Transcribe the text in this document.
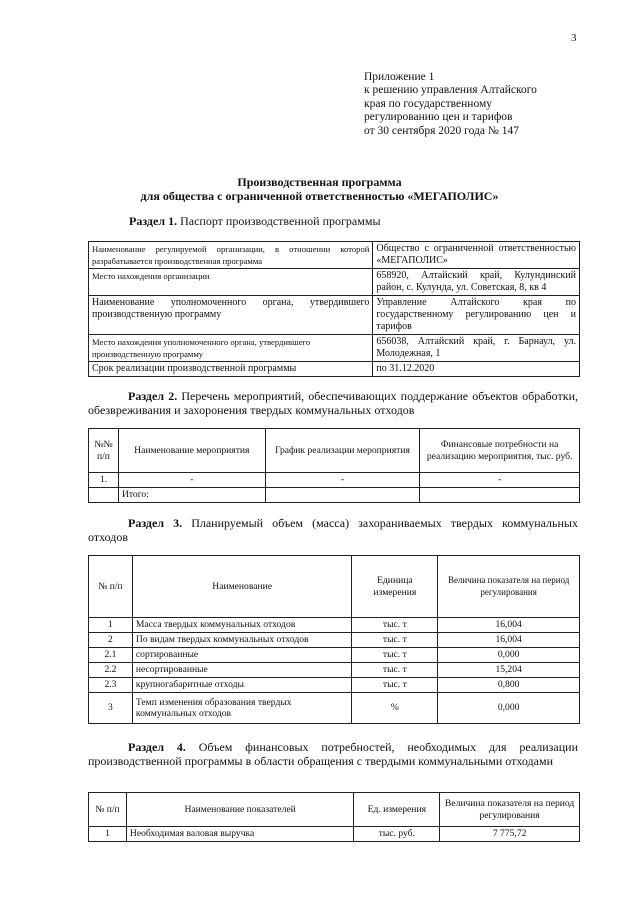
3
Приложение 1
к решению управления Алтайского
края по государственному
регулированию цен и тарифов
от 30 сентября 2020 года № 147
Производственная программа
для общества с ограниченной ответственностью «МЕГАПОЛИС»
Раздел 1. Паспорт производственной программы
Наименование регулируемой организации, в отношении которой разрабатывается производственная программа	Общество с ограниченной ответственностью «МЕГАПОЛИС»
Место нахождения организации	658920, Алтайский край, Кулундинский район, с. Кулунда, ул. Советская, 8, кв 4
Наименование уполномоченного органа, утвердившего производственную программу	Управление Алтайского края по государственному регулированию цен и тарифов
Место нахождения уполномоченного органа, утвердившего производственную программу	656038, Алтайский край, г. Барнаул, ул. Молодежная, 1
Срок реализации производственной программы	по 31.12.2020
Раздел 2. Перечень мероприятий, обеспечивающих поддержание объектов обработки, обезвреживания и захоронения твердых коммунальных отходов
№№ п/п	Наименование мероприятия	График реализации мероприятия	Финансовые потребности на реализацию мероприятия, тыс. руб.
1.	-	-	-
	Итого:		
Раздел 3. Планируемый объем (масса) захораниваемых твердых коммунальных отходов
№ п/п	Наименование	Единица измерения	Величина показателя на период регулирования
1	Масса твердых коммунальных отходов	тыс. т	16,004
2	По видам твердых коммунальных отходов	тыс. т	16,004
2.1	сортированные	тыс. т	0,000
2.2	несортированные	тыс. т	15,204
2.3	крупногабаритные отходы	тыс. т	0,800
3	Темп изменения образования твердых коммунальных отходов	%	0,000
Раздел 4. Объем финансовых потребностей, необходимых для реализации производственной программы в области обращения с твердыми коммунальными отходами
№ п/п	Наименование показателей	Ед. измерения	Величина показателя на период регулирования
1	Необходимая валовая выручка	тыс. руб.	7 775,72
